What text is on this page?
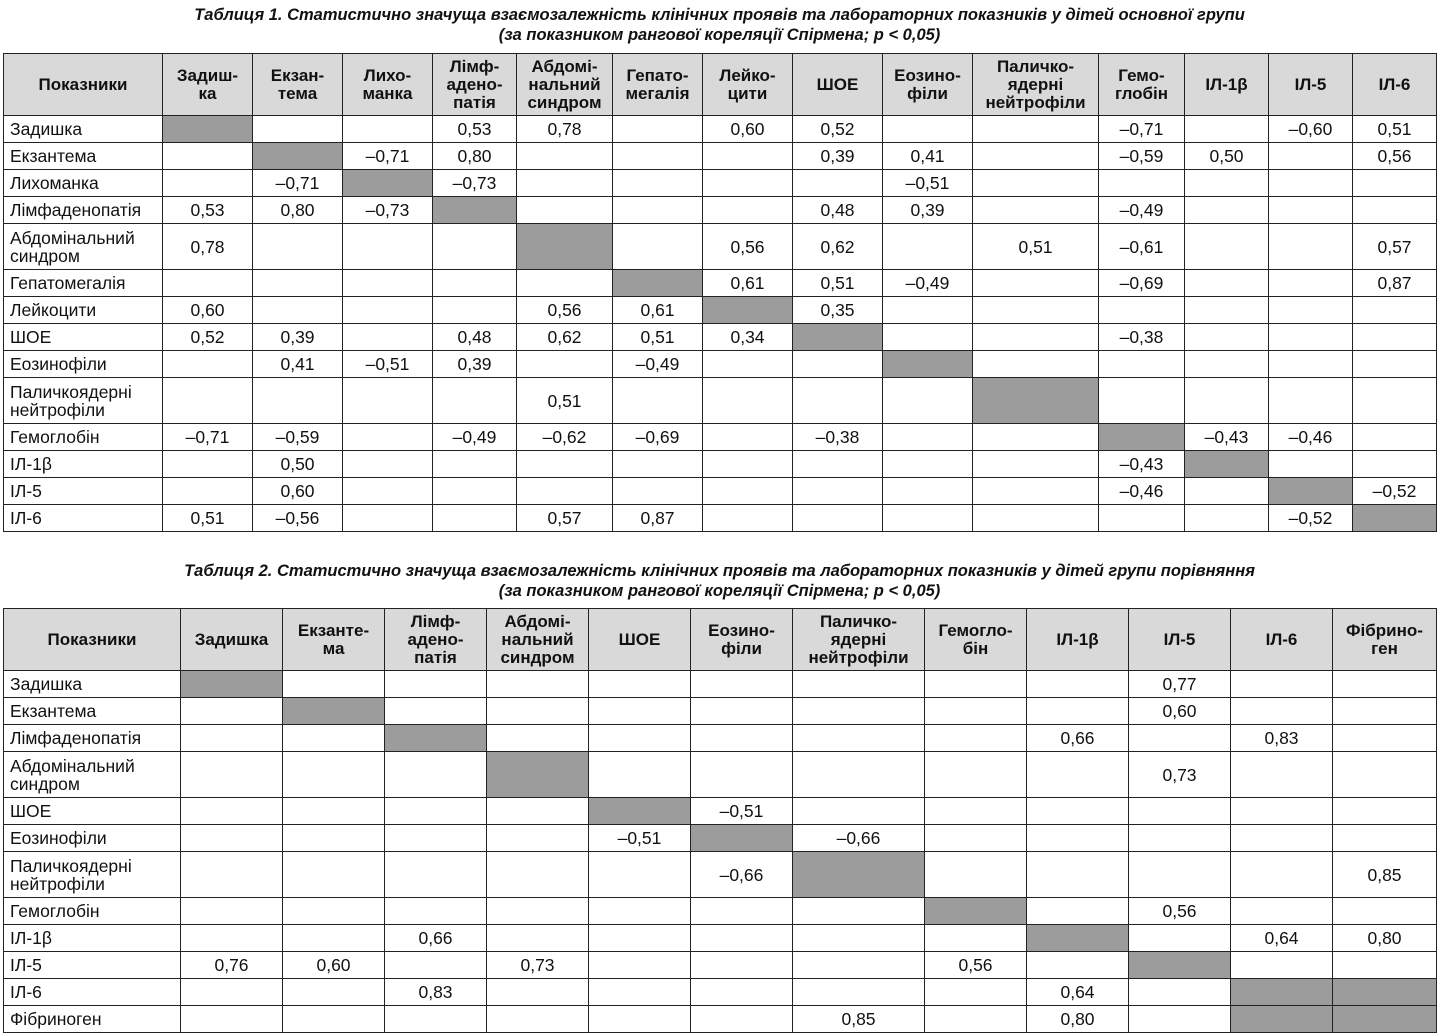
Таблиця 1. Статистично значуща взаємозалежність клінічних проявів та лабораторних показників у дітей основної групи
(за показником рангової кореляції Спірмена; р < 0,05)
Показники	Задиш-
ка	Екзан-
тема	Лихо-
манка	Лімф-
адено-
патія	Абдомі-
нальний
синдром	Гепато-
мегалія	Лейко-
цити	ШОЕ	Еозино-
філи	Паличко-
ядерні
нейтрофіли	Гемо-
глобін	ІЛ-1β	ІЛ-5	ІЛ-6
Задишка				0,53	0,78		0,60	0,52			–0,71		–0,60	0,51
Екзантема			–0,71	0,80				0,39	0,41		–0,59	0,50		0,56
Лихоманка		–0,71		–0,73					–0,51					
Лімфаденопатія	0,53	0,80	–0,73					0,48	0,39		–0,49			
Абдомінальний
синдром	0,78						0,56	0,62		0,51	–0,61			0,57
Гепатомегалія							0,61	0,51	–0,49		–0,69			0,87
Лейкоцити	0,60				0,56	0,61		0,35						
ШОЕ	0,52	0,39		0,48	0,62	0,51	0,34				–0,38			
Еозинофіли		0,41	–0,51	0,39		–0,49								
Паличкоядерні
нейтрофіли					0,51									
Гемоглобін	–0,71	–0,59		–0,49	–0,62	–0,69		–0,38				–0,43	–0,46	
ІЛ-1β		0,50									–0,43			
ІЛ-5		0,60									–0,46			–0,52
ІЛ-6	0,51	–0,56			0,57	0,87							–0,52	
Таблиця 2. Статистично значуща взаємозалежність клінічних проявів та лабораторних показників у дітей групи порівняння
(за показником рангової кореляції Спірмена; р < 0,05)
Показники	Задишка	Екзанте-
ма	Лімф-
адено-
патія	Абдомі-
нальний
синдром	ШОЕ	Еозино-
філи	Паличко-
ядерні
нейтрофіли	Гемогло-
бін	ІЛ-1β	ІЛ-5	ІЛ-6	Фібрино-
ген
Задишка										0,77		
Екзантема										0,60		
Лімфаденопатія									0,66		0,83	
Абдомінальний
синдром										0,73		
ШОЕ						–0,51						
Еозинофіли					–0,51		–0,66					
Паличкоядерні
нейтрофіли						–0,66						0,85
Гемоглобін										0,56		
ІЛ-1β			0,66								0,64	0,80
ІЛ-5	0,76	0,60		0,73				0,56				
ІЛ-6			0,83						0,64			
Фібриноген							0,85		0,80			
